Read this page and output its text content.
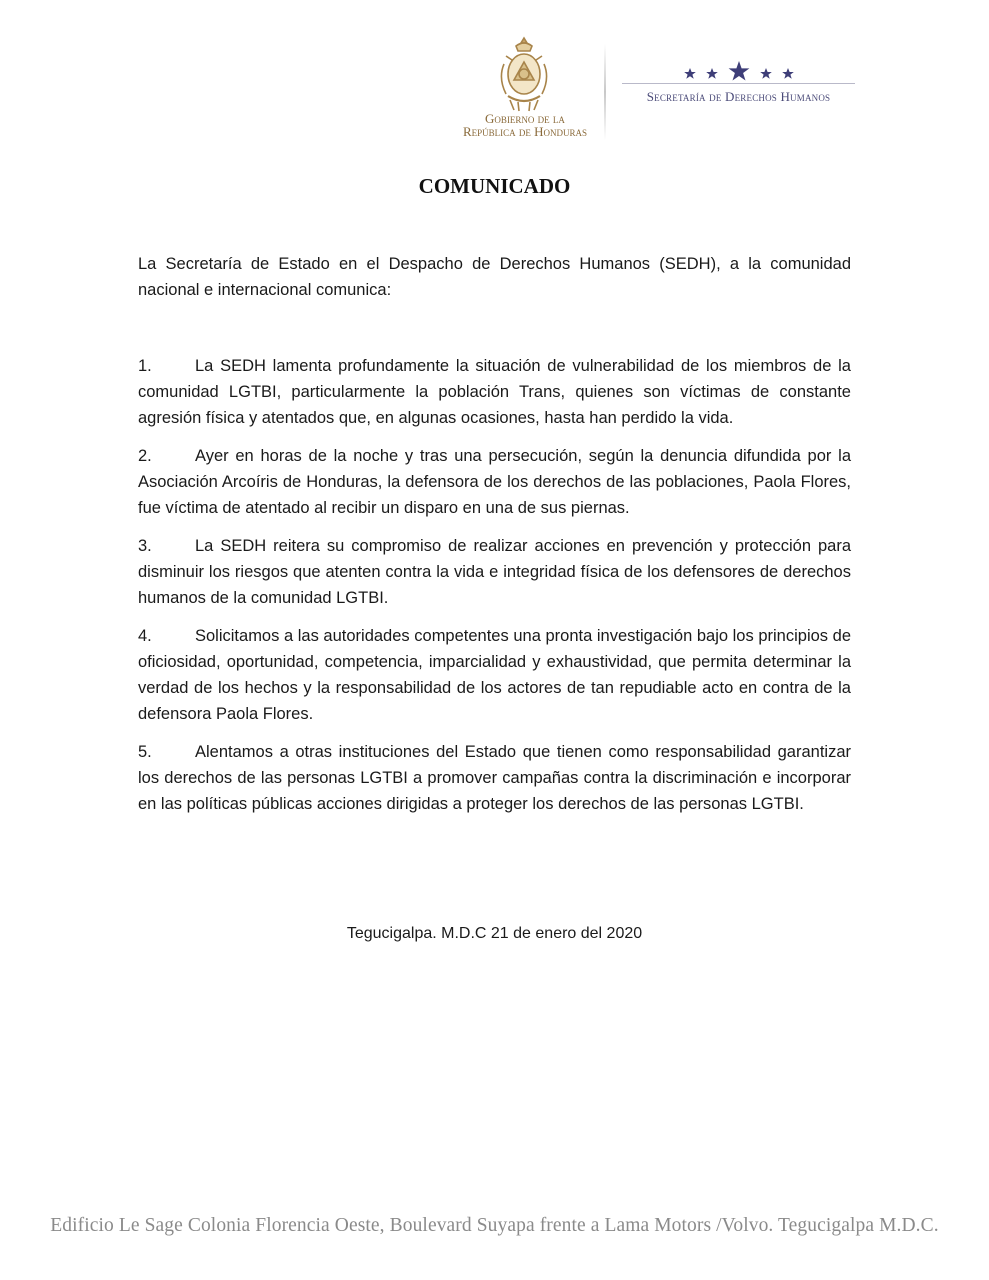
Gobierno de la
República de Honduras
Secretaría de Derechos Humanos
COMUNICADO
La Secretaría de Estado en el Despacho de Derechos Humanos (SEDH), a la comunidad nacional e internacional comunica:
1.	La SEDH lamenta profundamente la situación de vulnerabilidad de los miembros de la comunidad LGTBI, particularmente la población Trans, quienes son víctimas de constante agresión física y atentados que, en algunas ocasiones, hasta han perdido la vida.
2.	Ayer en horas de la noche y tras una persecución, según la denuncia difundida por la Asociación Arcoíris de Honduras, la defensora de los derechos de las poblaciones, Paola Flores, fue víctima de atentado al recibir un disparo en una de sus piernas.
3.	La SEDH reitera su compromiso de realizar acciones en prevención y protección para disminuir los riesgos que atenten contra la vida e integridad física de los defensores de derechos humanos de la comunidad LGTBI.
4.	Solicitamos a las autoridades competentes una pronta investigación bajo los principios de oficiosidad, oportunidad, competencia, imparcialidad y exhaustividad, que permita determinar la verdad de los hechos y la responsabilidad de los actores de tan repudiable acto en contra de la defensora Paola Flores.
5.	Alentamos a otras instituciones del Estado que tienen como responsabilidad garantizar los derechos de las personas LGTBI a promover campañas contra la discriminación e incorporar en las políticas públicas acciones dirigidas a proteger los derechos de las personas LGTBI.
Tegucigalpa. M.D.C 21 de enero del 2020
Edificio Le Sage Colonia Florencia Oeste, Boulevard Suyapa frente a Lama Motors /Volvo. Tegucigalpa M.D.C.
